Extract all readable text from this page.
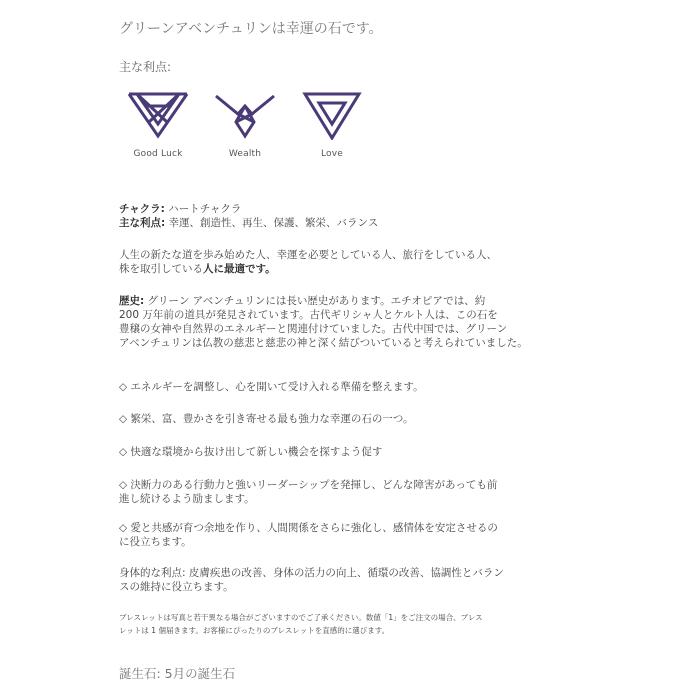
グリーンアベンチュリンは幸運の石です。
主な利点:
Good Luck	Wealth	Love
チャクラ: ハートチャクラ
主な利点: 幸運、創造性、再生、保護、繁栄、バランス
人生の新たな道を歩み始めた人、幸運を必要としている人、旅行をしている人、
株を取引している人に最適です。
歴史: グリーン アベンチュリンには長い歴史があります。エチオピアでは、約
200 万年前の道具が発見されています。古代ギリシャ人とケルト人は、この石を
豊穣の女神や自然界のエネルギーと関連付けていました。古代中国では、グリーン
アベンチュリンは仏教の慈悲と慈悲の神と深く結びついていると考えられていました。
◇ エネルギーを調整し、心を開いて受け入れる準備を整えます。
◇ 繁栄、富、豊かさを引き寄せる最も強力な幸運の石の一つ。
◇ 快適な環境から抜け出して新しい機会を探すよう促す
◇ 決断力のある行動力と強いリーダーシップを発揮し、どんな障害があっても前
進し続けるよう励まします。
◇ 愛と共感が育つ余地を作り、人間関係をさらに強化し、感情体を安定させるの
に役立ちます。
身体的な利点: 皮膚疾患の改善、身体の活力の向上、循環の改善、協調性とバラン
スの維持に役立ちます。
ブレスレットは写真と若干異なる場合がございますのでご了承ください。数値「1」をご注文の場合、ブレス
レットは 1 個届きます。お客様にぴったりのブレスレットを直感的に選びます。
誕生石: 5月の誕生石
